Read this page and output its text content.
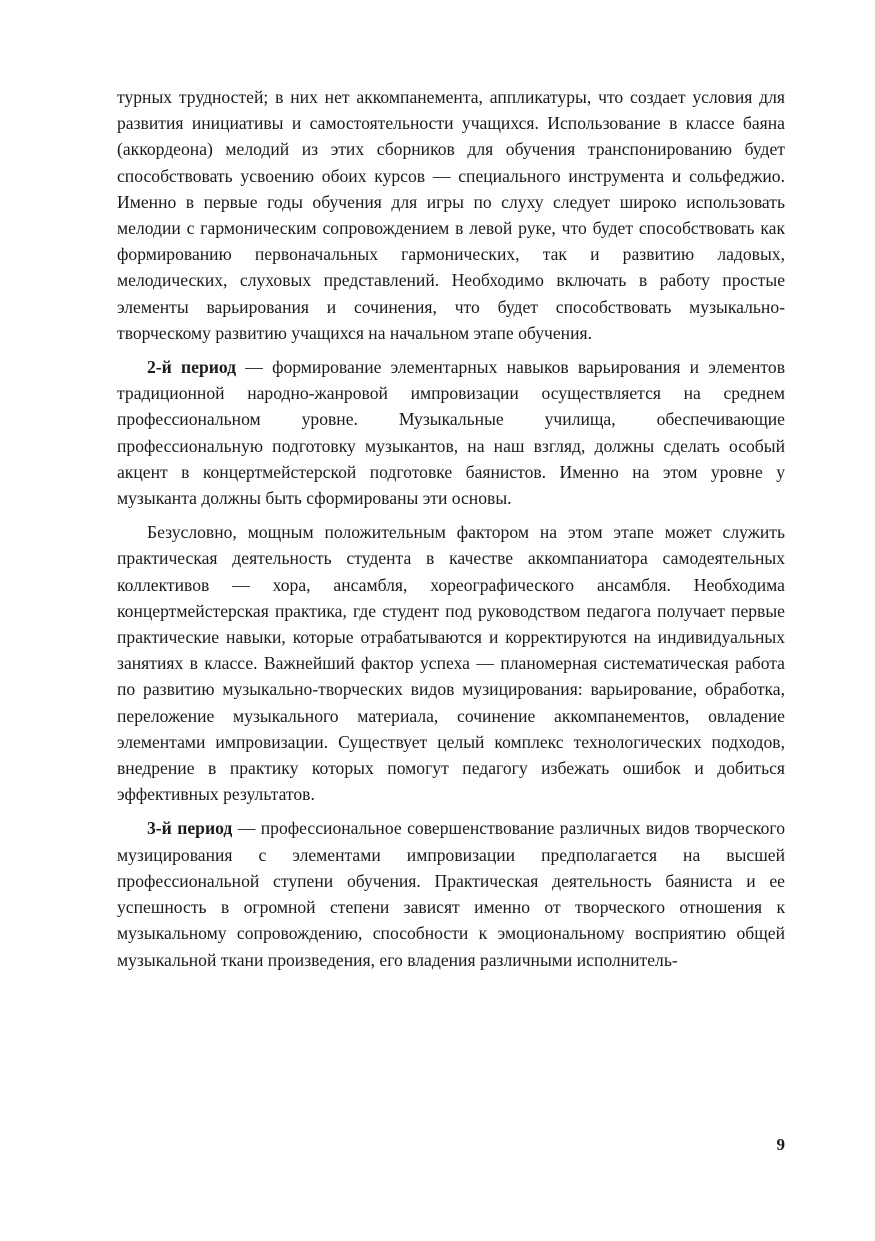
турных трудностей; в них нет аккомпанемента, аппликатуры, что создает условия для развития инициативы и самостоятельности учащихся. Использование в классе баяна (аккордеона) мелодий из этих сборников для обучения транспонированию будет способствовать усвоению обоих курсов — специального инструмента и сольфеджио. Именно в первые годы обучения для игры по слуху следует широко использовать мелодии с гармоническим сопровождением в левой руке, что будет способствовать как формированию первоначальных гармонических, так и развитию ладовых, мелодических, слуховых представлений. Необходимо включать в работу простые элементы варьирования и сочинения, что будет способствовать музыкально-творческому развитию учащихся на начальном этапе обучения.

2-й период — формирование элементарных навыков варьирования и элементов традиционной народно-жанровой импровизации осуществляется на среднем профессиональном уровне. Музыкальные училища, обеспечивающие профессиональную подготовку музыкантов, на наш взгляд, должны сделать особый акцент в концертмейстерской подготовке баянистов. Именно на этом уровне у музыканта должны быть сформированы эти основы.

Безусловно, мощным положительным фактором на этом этапе может служить практическая деятельность студента в качестве аккомпаниатора самодеятельных коллективов — хора, ансамбля, хореографического ансамбля. Необходима концертмейстерская практика, где студент под руководством педагога получает первые практические навыки, которые отрабатываются и корректируются на индивидуальных занятиях в классе. Важнейший фактор успеха — планомерная систематическая работа по развитию музыкально-творческих видов музицирования: варьирование, обработка, переложение музыкального материала, сочинение аккомпанементов, овладение элементами импровизации. Существует целый комплекс технологических подходов, внедрение в практику которых помогут педагогу избежать ошибок и добиться эффективных результатов.

3-й период — профессиональное совершенствование различных видов творческого музицирования с элементами импровизации предполагается на высшей профессиональной ступени обучения. Практическая деятельность баяниста и ее успешность в огромной степени зависят именно от творческого отношения к музыкальному сопровождению, способности к эмоциональному восприятию общей музыкальной ткани произведения, его владения различными исполнитель-

9
